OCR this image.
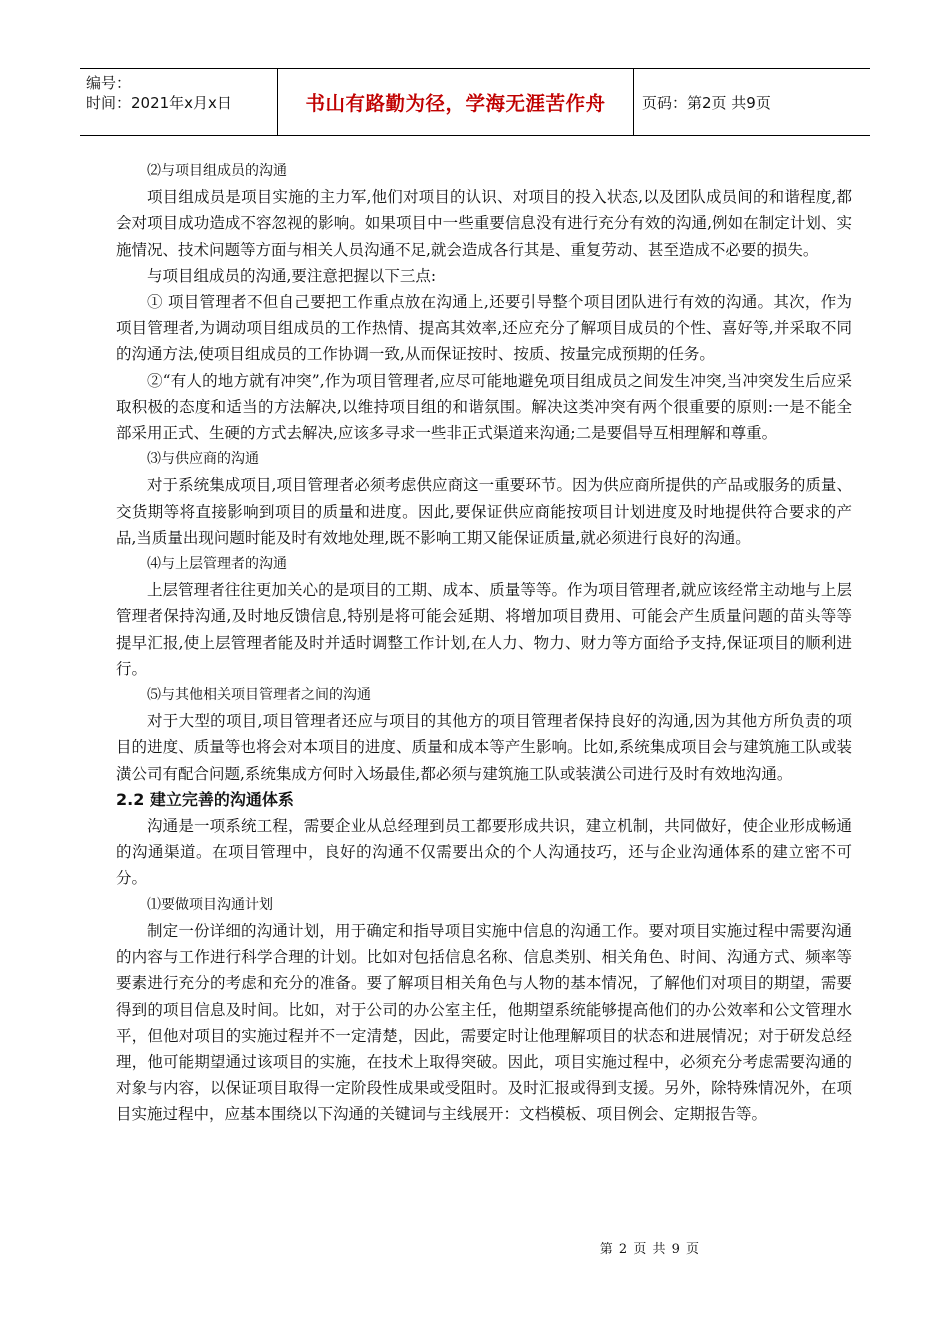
编号：
时间：2021年x月x日	书山有路勤为径，学海无涯苦作舟 页码：第2页 共9页

⑵与项目组成员的沟通

项目组成员是项目实施的主力军,他们对项目的认识、对项目的投入状态,以及团队成员间的和谐程度,都会对项目成功造成不容忽视的影响。如果项目中一些重要信息没有进行充分有效的沟通,例如在制定计划、实施情况、技术问题等方面与相关人员沟通不足,就会造成各行其是、重复劳动、甚至造成不必要的损失。

与项目组成员的沟通,要注意把握以下三点:

① 项目管理者不但自己要把工作重点放在沟通上,还要引导整个项目团队进行有效的沟通。其次，作为项目管理者,为调动项目组成员的工作热情、提高其效率,还应充分了解项目成员的个性、喜好等,并采取不同的沟通方法,使项目组成员的工作协调一致,从而保证按时、按质、按量完成预期的任务。

②“有人的地方就有冲突”,作为项目管理者,应尽可能地避免项目组成员之间发生冲突,当冲突发生后应采取积极的态度和适当的方法解决,以维持项目组的和谐氛围。解决这类冲突有两个很重要的原则:一是不能全部采用正式、生硬的方式去解决,应该多寻求一些非正式渠道来沟通;二是要倡导互相理解和尊重。

⑶与供应商的沟通

对于系统集成项目,项目管理者必须考虑供应商这一重要环节。因为供应商所提供的产品或服务的质量、交货期等将直接影响到项目的质量和进度。因此,要保证供应商能按项目计划进度及时地提供符合要求的产品,当质量出现问题时能及时有效地处理,既不影响工期又能保证质量,就必须进行良好的沟通。

⑷与上层管理者的沟通

上层管理者往往更加关心的是项目的工期、成本、质量等等。作为项目管理者,就应该经常主动地与上层管理者保持沟通,及时地反馈信息,特别是将可能会延期、将增加项目费用、可能会产生质量问题的苗头等等提早汇报,使上层管理者能及时并适时调整工作计划,在人力、物力、财力等方面给予支持,保证项目的顺利进行。

⑸与其他相关项目管理者之间的沟通

对于大型的项目,项目管理者还应与项目的其他方的项目管理者保持良好的沟通,因为其他方所负责的项目的进度、质量等也将会对本项目的进度、质量和成本等产生影响。比如,系统集成项目会与建筑施工队或装潢公司有配合问题,系统集成方何时入场最佳,都必须与建筑施工队或装潢公司进行及时有效地沟通。

2.2 建立完善的沟通体系

沟通是一项系统工程，需要企业从总经理到员工都要形成共识，建立机制，共同做好，使企业形成畅通的沟通渠道。在项目管理中，良好的沟通不仅需要出众的个人沟通技巧，还与企业沟通体系的建立密不可分。

⑴要做项目沟通计划

制定一份详细的沟通计划，用于确定和指导项目实施中信息的沟通工作。要对项目实施过程中需要沟通的内容与工作进行科学合理的计划。比如对包括信息名称、信息类别、相关角色、时间、沟通方式、频率等要素进行充分的考虑和充分的准备。要了解项目相关角色与人物的基本情况，了解他们对项目的期望，需要得到的项目信息及时间。比如，对于公司的办公室主任，他期望系统能够提高他们的办公效率和公文管理水平，但他对项目的实施过程并不一定清楚，因此，需要定时让他理解项目的状态和进展情况；对于研发总经理，他可能期望通过该项目的实施，在技术上取得突破。因此，项目实施过程中，必须充分考虑需要沟通的对象与内容，以保证项目取得一定阶段性成果或受阻时。及时汇报或得到支援。另外，除特殊情况外，在项目实施过程中，应基本围绕以下沟通的关键词与主线展开：文档模板、项目例会、定期报告等。

第 2 页 共 9 页
